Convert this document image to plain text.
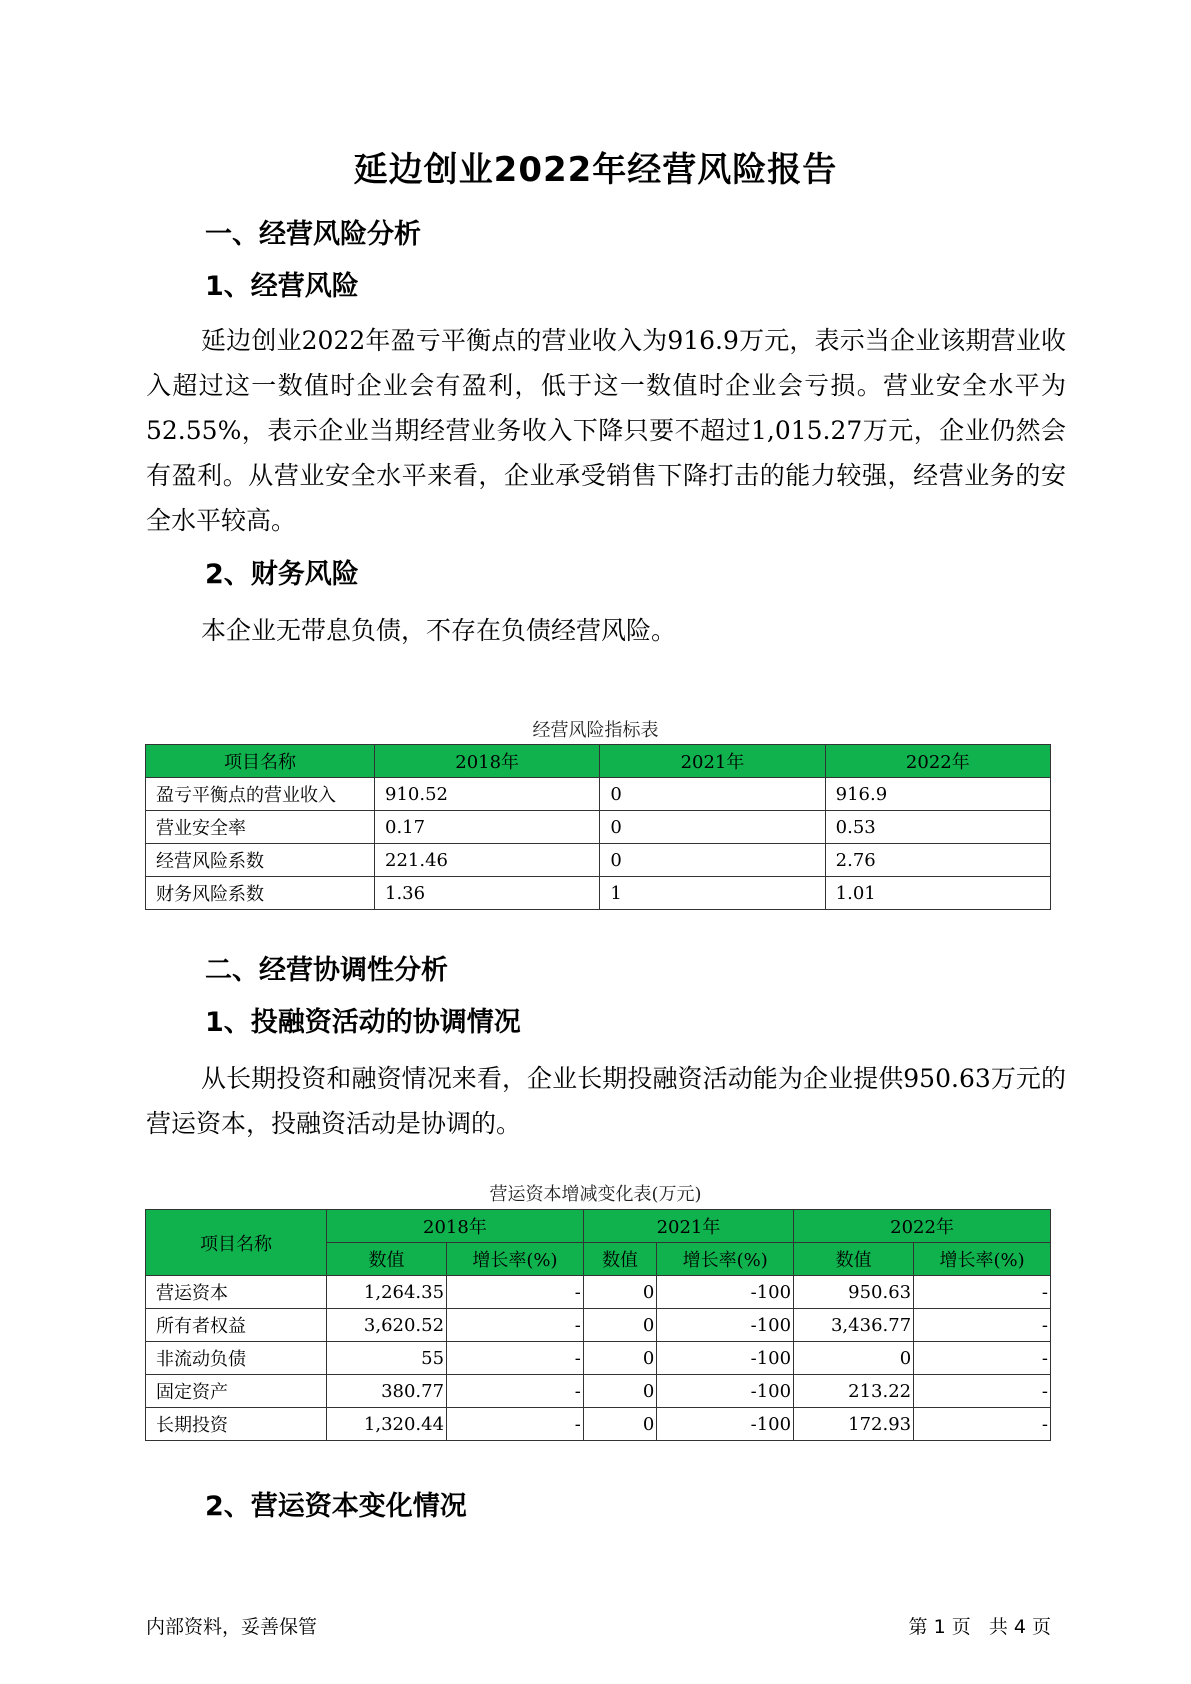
延边创业2022年经营风险报告
一、经营风险分析
1、经营风险

延边创业2022年盈亏平衡点的营业收入为916.9万元，表示当企业该期营业收入超过这一数值时企业会有盈利，低于这一数值时企业会亏损。营业安全水平为52.55%，表示企业当期经营业务收入下降只要不超过1,015.27万元，企业仍然会有盈利。从营业安全水平来看，企业承受销售下降打击的能力较强，经营业务的安全水平较高。

2、财务风险

本企业无带息负债，不存在负债经营风险。

经营风险指标表
项目名称	2018年	2021年	2022年
盈亏平衡点的营业收入	910.52	0	916.9
营业安全率	0.17	0	0.53
经营风险系数	221.46	0	2.76
财务风险系数	1.36	1	1.01
二、经营协调性分析
1、投融资活动的协调情况

从长期投资和融资情况来看，企业长期投融资活动能为企业提供950.63万元的营运资本，投融资活动是协调的。

营运资本增减变化表(万元)
项目名称	2018年		2021年		2022年	
	数值	增长率(%)	数值	增长率(%)	数值	增长率(%)
营运资本	1,264.35	-	0	-100	950.63	-
所有者权益	3,620.52	-	0	-100	3,436.77	-
非流动负债	55	-	0	-100	0	-
固定资产	380.77	-	0	-100	213.22	-
长期投资	1,320.44	-	0	-100	172.93	-
2、营运资本变化情况
内部资料，妥善保管	第 1 页   共 4 页
